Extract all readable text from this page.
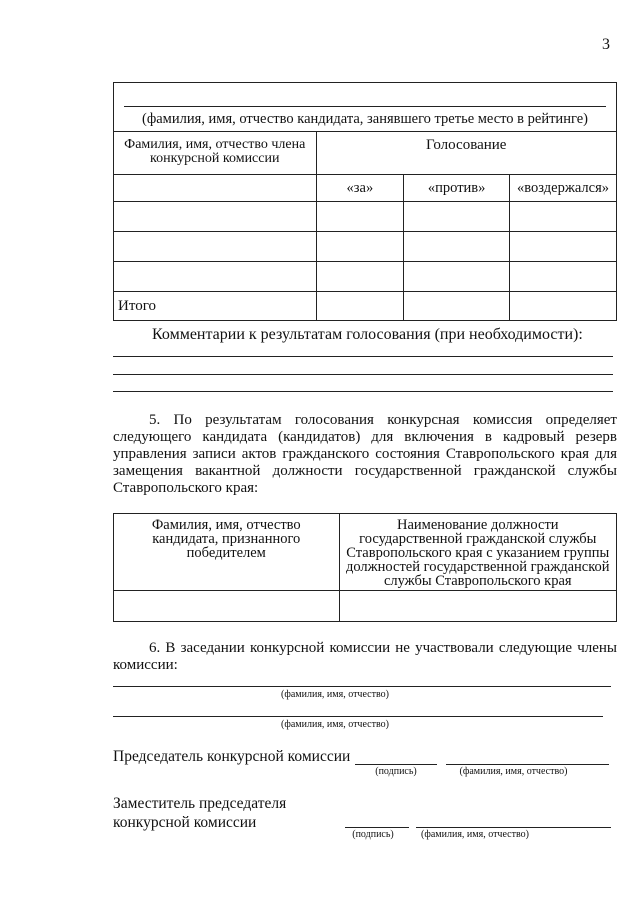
3
(фамилия, имя, отчество кандидата, занявшего третье место в рейтинге)			
Фамилия, имя, отчество члена конкурсной комиссии	Голосование		
	«за»	«против»	«воздержался»

Итого			
Комментарии к результатам голосования (при необходимости):
5. По результатам голосования конкурсная комиссия определяет следующего кандидата (кандидатов) для включения в кадровый резерв управления записи актов гражданского состояния Ставропольского края для замещения вакантной должности государственной гражданской службы Ставропольского края:
Фамилия, имя, отчество кандидата, признанного победителем	Наименование должности государственной гражданской службы Ставропольского края с указанием группы должностей государственной гражданской службы Ставропольского края

6. В заседании конкурсной комиссии не участвовали следующие члены комиссии:
(фамилия, имя, отчество)
(фамилия, имя, отчество)
Председатель конкурсной комиссии
(подпись)	(фамилия, имя, отчество)
Заместитель председателя
конкурсной комиссии
(подпись)	(фамилия, имя, отчество)
